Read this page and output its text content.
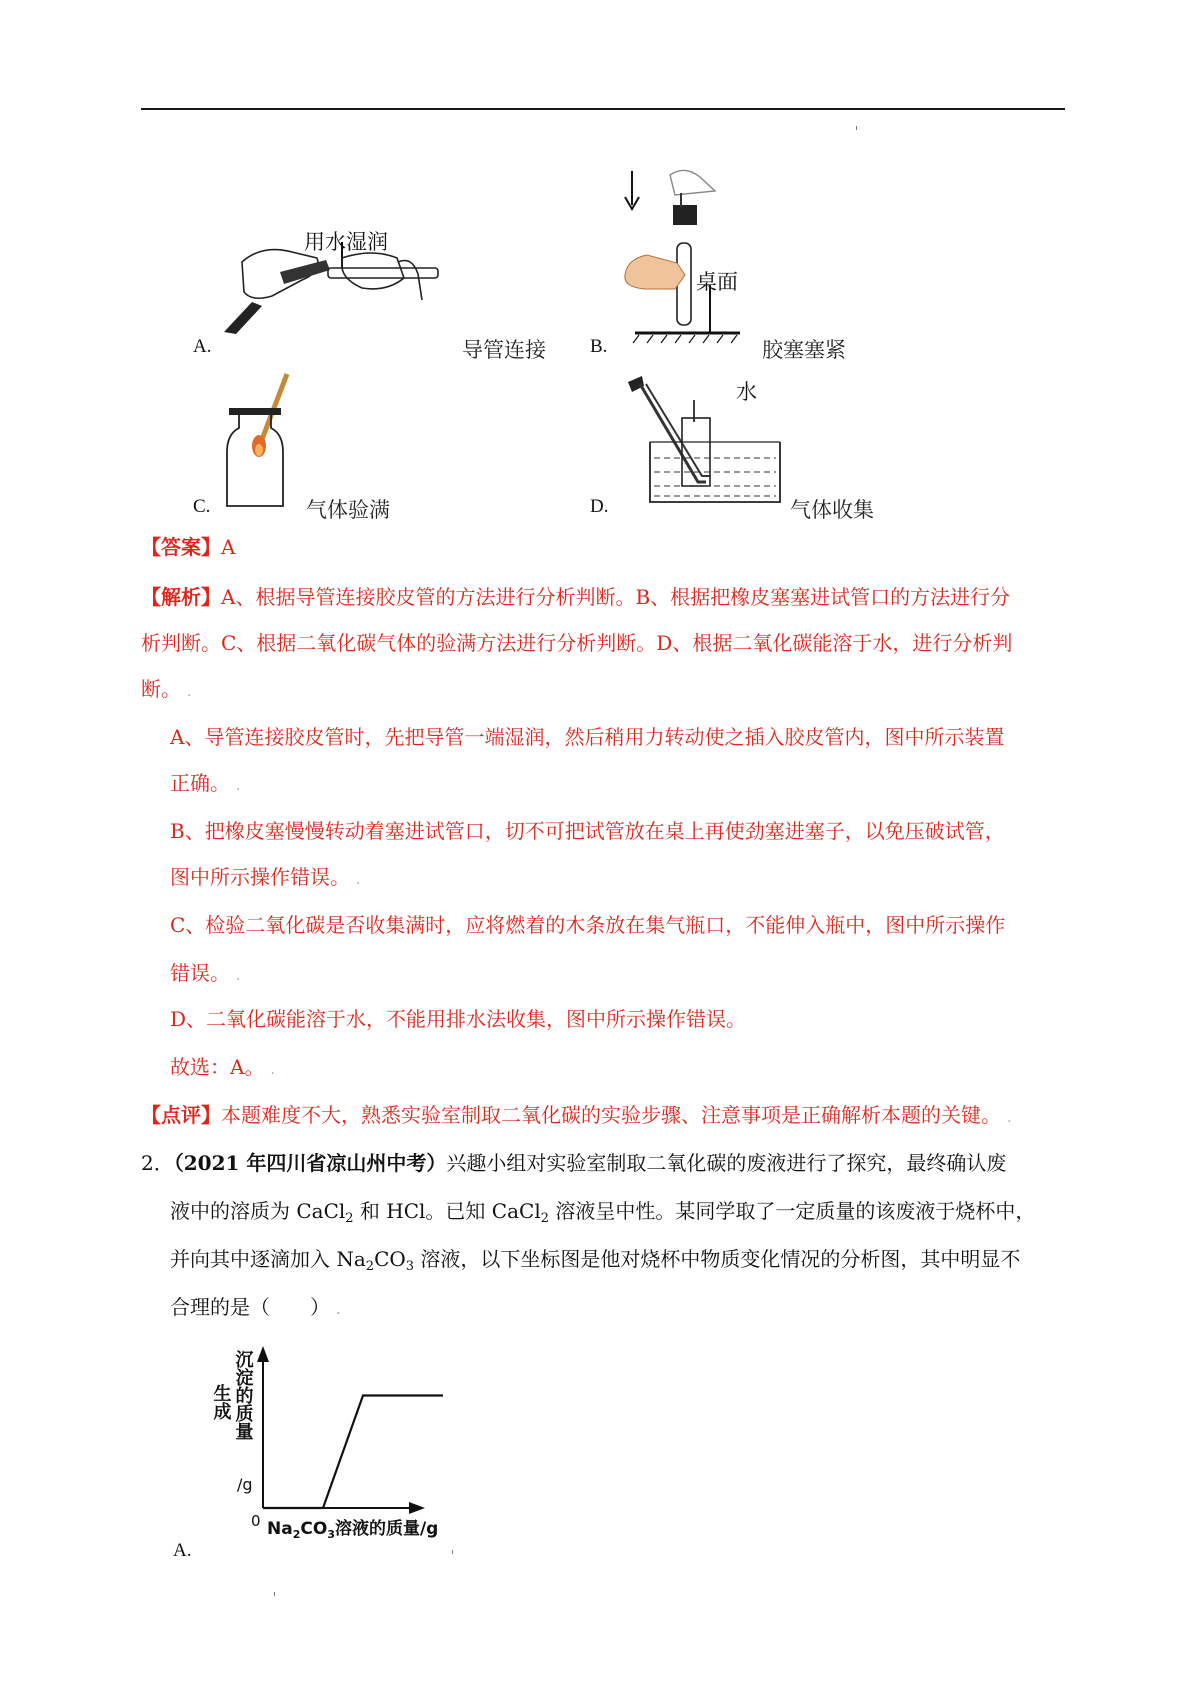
用水湿润
A.	导管连接
桌面
B.	胶塞塞紧
C.	气体验满
水
D.	气体收集
【答案】A
【解析】A、根据导管连接胶皮管的方法进行分析判断。B、根据把橡皮塞塞进试管口的方法进行分
析判断。C、根据二氧化碳气体的验满方法进行分析判断。D、根据二氧化碳能溶于水，进行分析判
断。 .
A、导管连接胶皮管时，先把导管一端湿润，然后稍用力转动使之插入胶皮管内，图中所示装置
正确。 .
B、把橡皮塞慢慢转动着塞进试管口，切不可把试管放在桌上再使劲塞进塞子，以免压破试管，
图中所示操作错误。 .
C、检验二氧化碳是否收集满时，应将燃着的木条放在集气瓶口，不能伸入瓶中，图中所示操作
错误。 .
D、二氧化碳能溶于水，不能用排水法收集，图中所示操作错误。
故选：A。 .
【点评】本题难度不大，熟悉实验室制取二氧化碳的实验步骤、注意事项是正确解析本题的关键。 .
2．（2021 年四川省凉山州中考）兴趣小组对实验室制取二氧化碳的废液进行了探究，最终确认废
液中的溶质为 CaCl$_2$ 和 HCl。已知 CaCl$_2$ 溶液呈中性。某同学取了一定质量的该废液于烧杯中，
并向其中逐滴加入 $Na_2CO_3$ 溶液，以下坐标图是他对烧杯中物质变化情况的分析图，其中明显不
合理的是（　　） .
生成 沉淀的质量
/g
0 $Na_2CO_3$溶液的质量/g
A.
